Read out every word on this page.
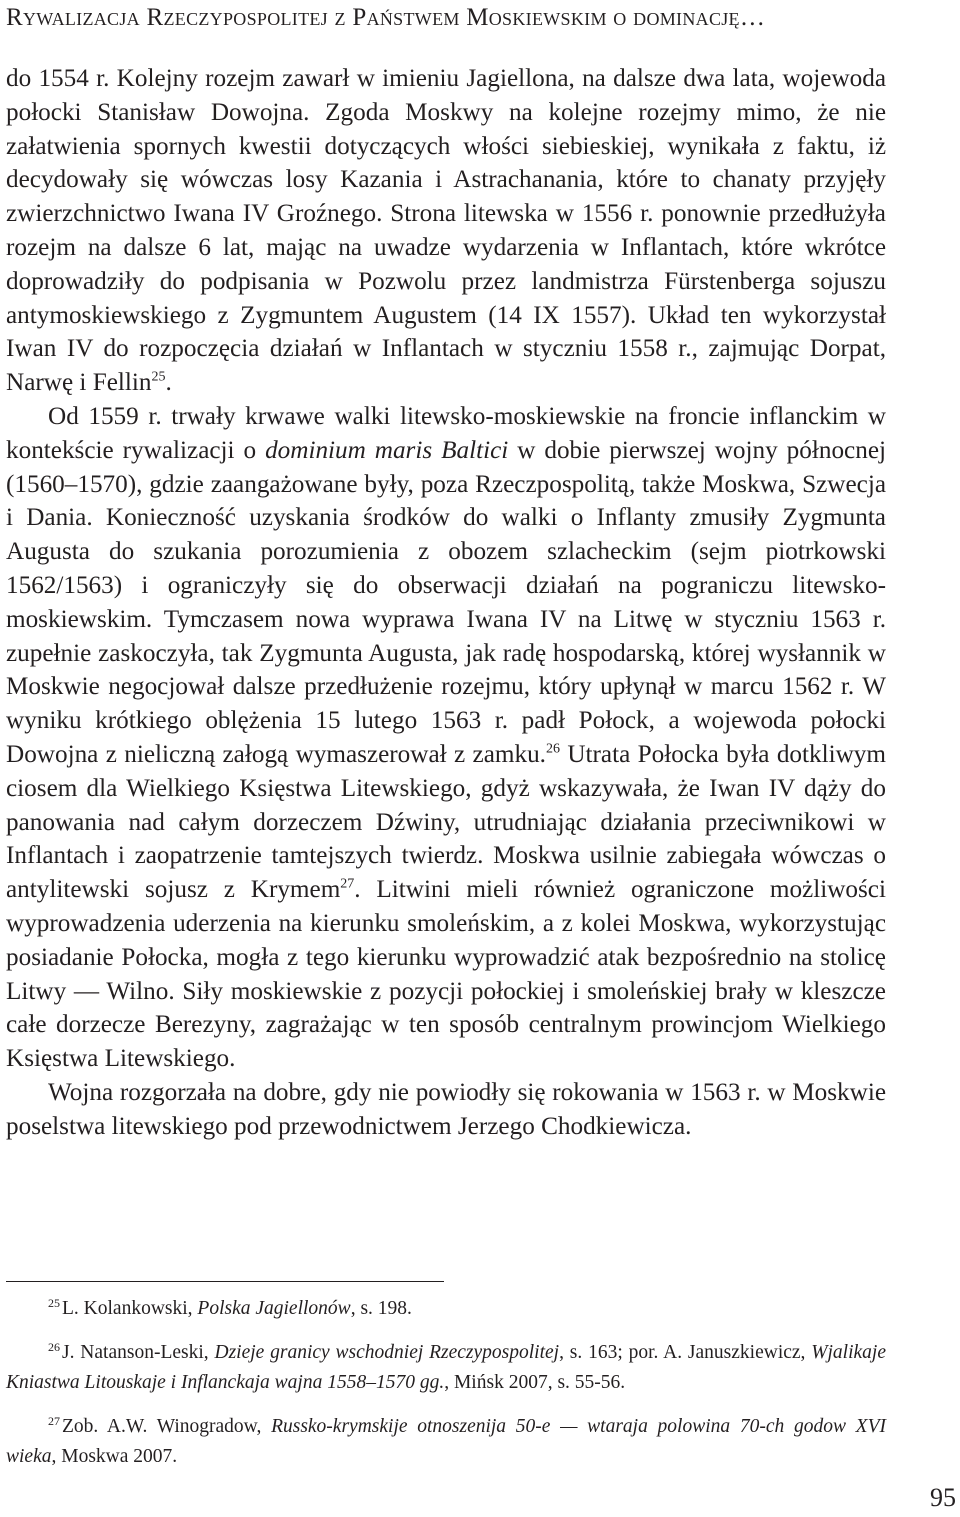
Rywalizacja Rzeczypospolitej z Państwem Moskiewskim o dominację…

do 1554 r. Kolejny rozejm zawarł w imieniu Jagiellona, na dalsze dwa lata, wojewoda połocki Stanisław Dowojna. Zgoda Moskwy na kolejne rozejmy mimo, że nie załatwienia spornych kwestii dotyczących włości siebieskiej, wynikała z faktu, iż decydowały się wówczas losy Kazania i Astrachanania, które to chanaty przyjęły zwierzchnictwo Iwana IV Groźnego. Strona litewska w 1556 r. ponownie przedłużyła rozejm na dalsze 6 lat, mając na uwadze wydarzenia w Inflantach, które wkrótce doprowadziły do podpisania w Pozwolu przez landmistrza Fürstenberga sojuszu antymoskiewskiego z Zygmuntem Augustem (14 IX 1557). Układ ten wykorzystał Iwan IV do rozpoczęcia działań w Inflantach w styczniu 1558 r., zajmując Dorpat, Narwę i Fellin$^{25}$.

Od 1559 r. trwały krwawe walki litewsko-moskiewskie na froncie inflanckim w kontekście rywalizacji o dominium maris Baltici w dobie pierwszej wojny północnej (1560–1570), gdzie zaangażowane były, poza Rzeczpospolitą, także Moskwa, Szwecja i Dania. Konieczność uzyskania środków do walki o Inflanty zmusiły Zygmunta Augusta do szukania porozumienia z obozem szlacheckim (sejm piotrkowski 1562/1563) i ograniczyły się do obserwacji działań na pograniczu litewsko-moskiewskim. Tymczasem nowa wyprawa Iwana IV na Litwę w styczniu 1563 r. zupełnie zaskoczyła, tak Zygmunta Augusta, jak radę hospodarską, której wysłannik w Moskwie negocjował dalsze przedłużenie rozejmu, który upłynął w marcu 1562 r. W wyniku krótkiego oblężenia 15 lutego 1563 r. padł Połock, a wojewoda połocki Dowojna z nieliczną załogą wymaszerował z zamku.$^{26}$ Utrata Połocka była dotkliwym ciosem dla Wielkiego Księstwa Litewskiego, gdyż wskazywała, że Iwan IV dąży do panowania nad całym dorzeczem Dźwiny, utrudniając działania przeciwnikowi w Inflantach i zaopatrzenie tamtejszych twierdz. Moskwa usilnie zabiegała wówczas o antylitewski sojusz z Krymem$^{27}$. Litwini mieli również ograniczone możliwości wyprowadzenia uderzenia na kierunku smoleńskim, a z kolei Moskwa, wykorzystując posiadanie Połocka, mogła z tego kierunku wyprowadzić atak bezpośrednio na stolicę Litwy — Wilno. Siły moskiewskie z pozycji połockiej i smoleńskiej brały w kleszcze całe dorzecze Berezyny, zagrażając w ten sposób centralnym prowincjom Wielkiego Księstwa Litewskiego.

Wojna rozgorzała na dobre, gdy nie powiodły się rokowania w 1563 r. w Moskwie poselstwa litewskiego pod przewodnictwem Jerzego Chodkiewicza.

$^{25}$ L. Kolankowski, Polska Jagiellonów, s. 198.

$^{26}$ J. Natanson-Leski, Dzieje granicy wschodniej Rzeczypospolitej, s. 163; por. A. Januszkiewicz, Wjalikaje Kniastwa Litouskaje i Inflanckaja wajna 1558–1570 gg., Mińsk 2007, s. 55-56.

$^{27}$ Zob. A.W. Winogradow, Russko-krymskije otnoszenija 50-e — wtaraja polowina 70-ch godow XVI wieka, Moskwa 2007.

95
